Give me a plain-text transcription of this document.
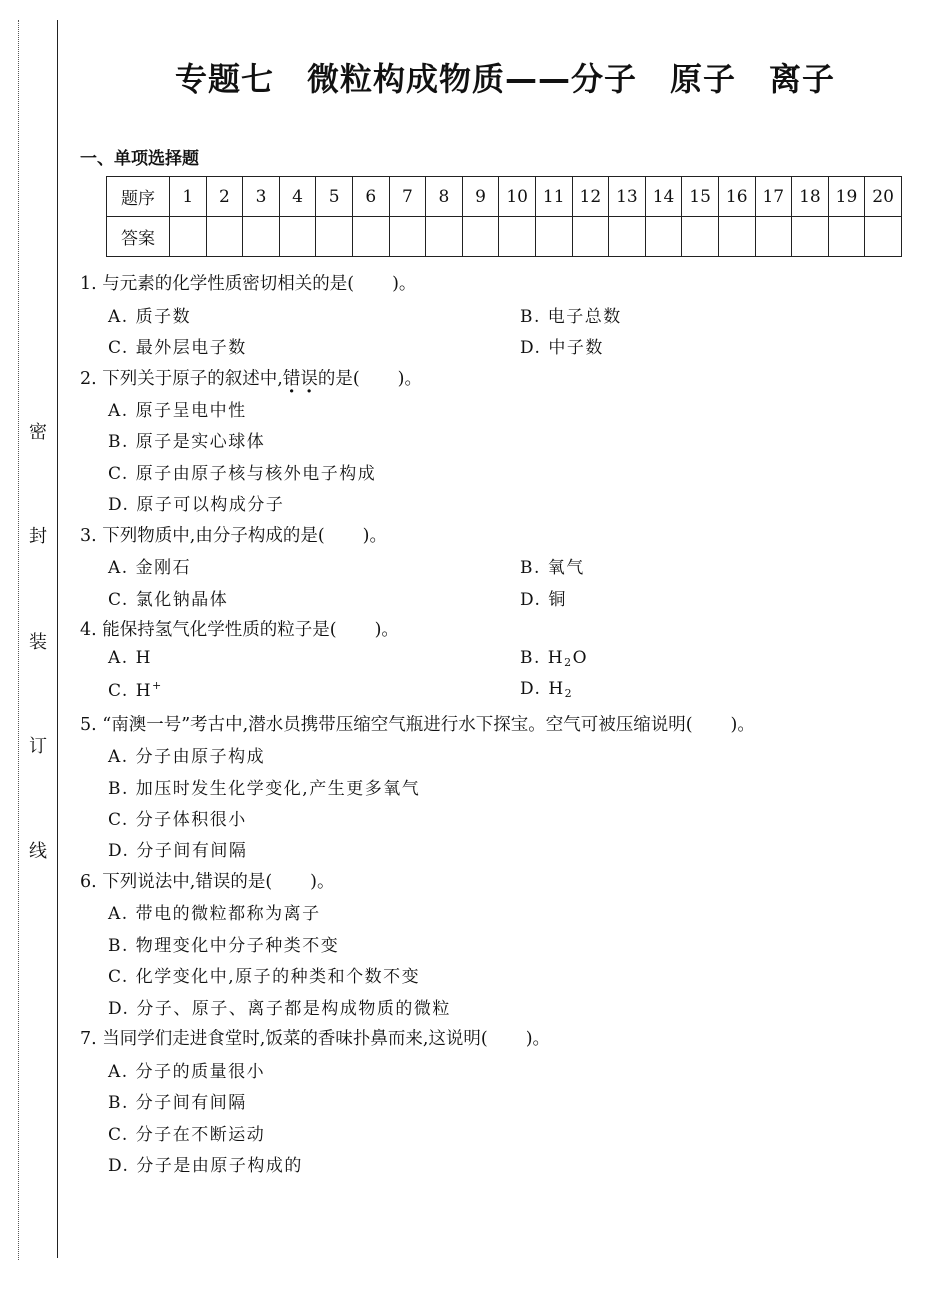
密
封
装
订
线
专题七　微粒构成物质——分子　原子　离子
一、单项选择题
题序	1	2	3	4	5	6	7	8	9	10	11	12	13	14	15	16	17	18	19	20
答案																				
1. 与元素的化学性质密切相关的是( )。
A. 质子数	B. 电子总数
C. 最外层电子数	D. 中子数
2. 下列关于原子的叙述中,错误的是( )。
A. 原子呈电中性
B. 原子是实心球体
C. 原子由原子核与核外电子构成
D. 原子可以构成分子
3. 下列物质中,由分子构成的是( )。
A. 金刚石	B. 氧气
C. 氯化钠晶体	D. 铜
4. 能保持氢气化学性质的粒子是( )。
A. H	B. $H_2O$
C. H+	D. $H_2$
5. “南澳一号”考古中,潜水员携带压缩空气瓶进行水下探宝。空气可被压缩说明( )。
A. 分子由原子构成
B. 加压时发生化学变化,产生更多氧气
C. 分子体积很小
D. 分子间有间隔
6. 下列说法中,错误的是( )。
A. 带电的微粒都称为离子
B. 物理变化中分子种类不变
C. 化学变化中,原子的种类和个数不变
D. 分子、原子、离子都是构成物质的微粒
7. 当同学们走进食堂时,饭菜的香味扑鼻而来,这说明( )。
A. 分子的质量很小
B. 分子间有间隔
C. 分子在不断运动
D. 分子是由原子构成的
